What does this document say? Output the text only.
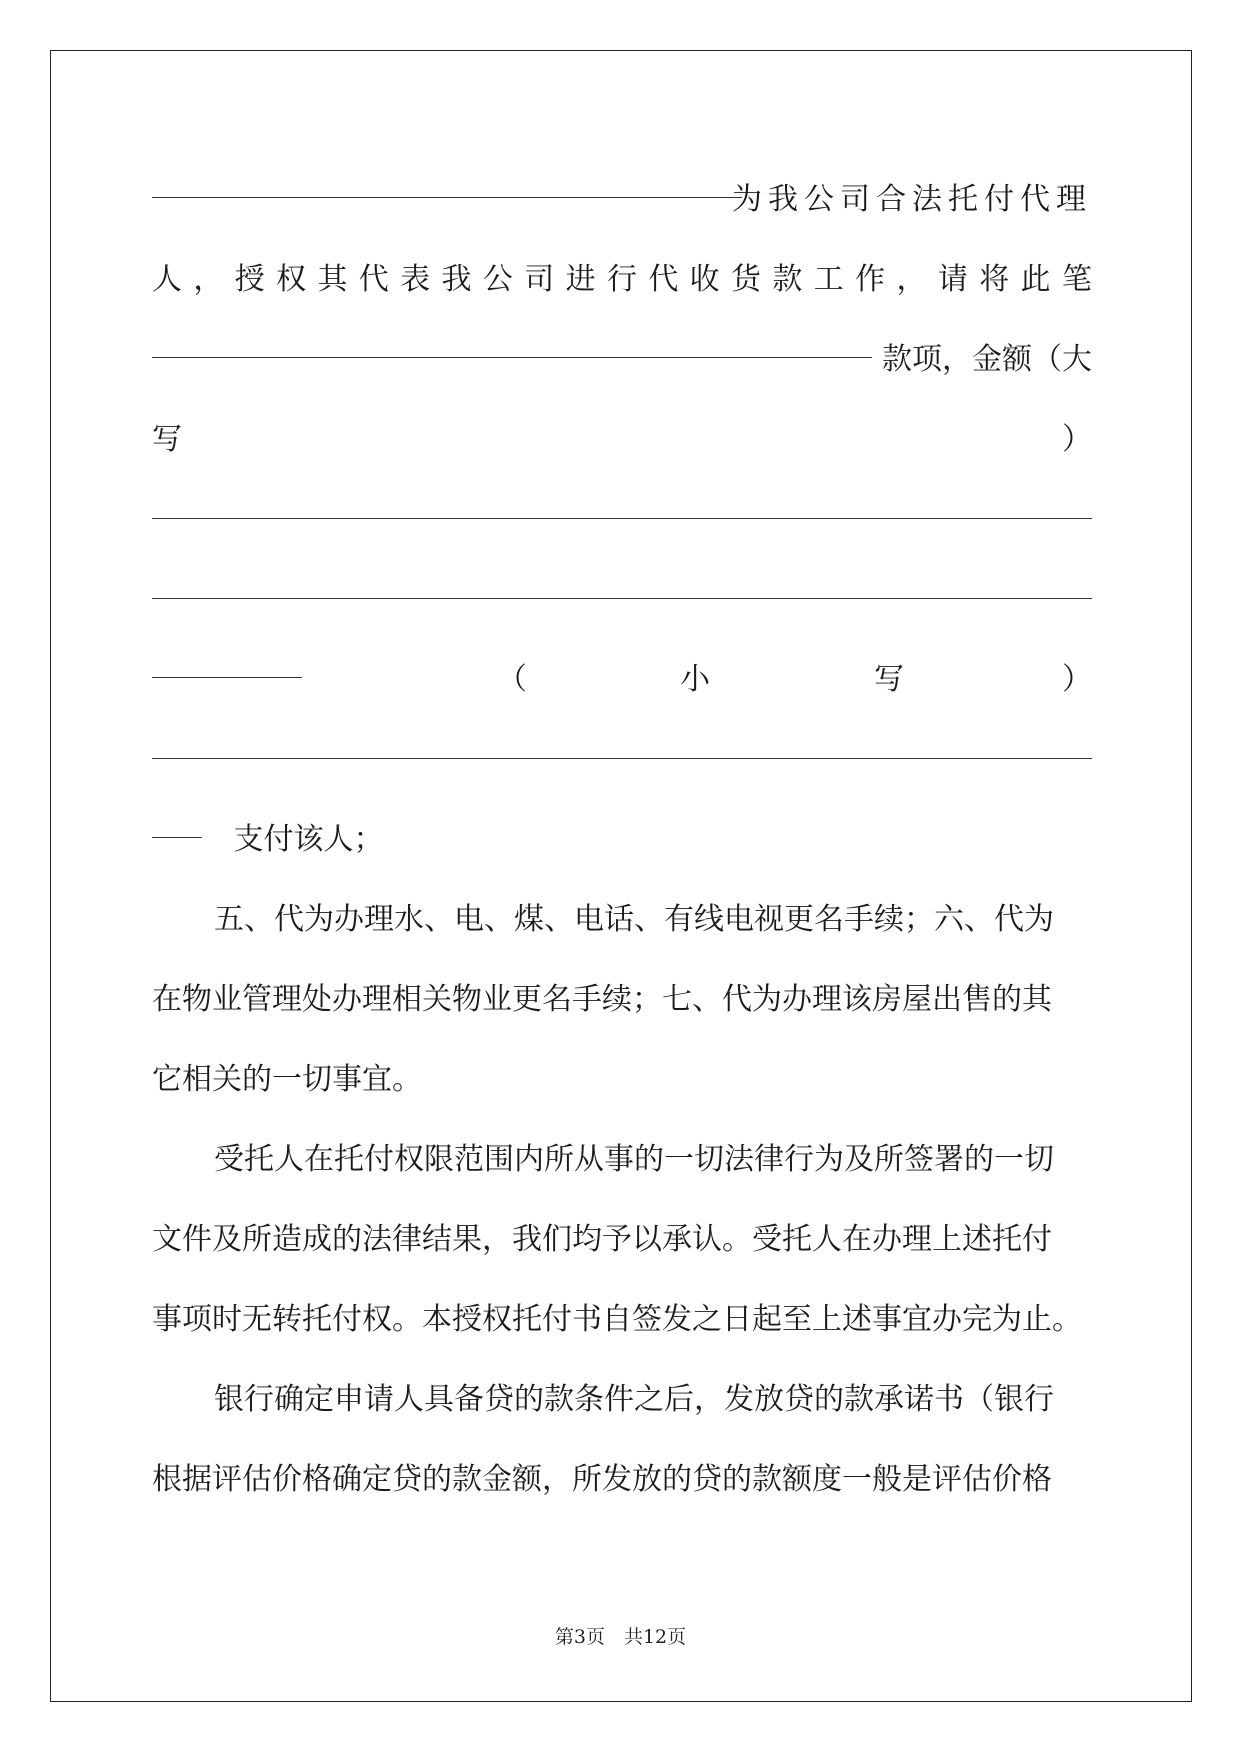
为我公司合法托付代理
人 ， 授 权 其 代 表 我 公 司 进 行 代 收 货 款 工 作 ， 请 将 此 笔
款项，金额（大
写	）
（	小	写	）
支付该人；
五、代为办理水、电、煤、电话、有线电视更名手续；六、代为
在物业管理处办理相关物业更名手续；七、代为办理该房屋出售的其
它相关的一切事宜。
受托人在托付权限范围内所从事的一切法律行为及所签署的一切
文件及所造成的法律结果，我们均予以承认。受托人在办理上述托付
事项时无转托付权。本授权托付书自签发之日起至上述事宜办完为止。
银行确定申请人具备贷的款条件之后，发放贷的款承诺书（银行
根据评估价格确定贷的款金额，所发放的贷的款额度一般是评估价格
第3页　共12页
